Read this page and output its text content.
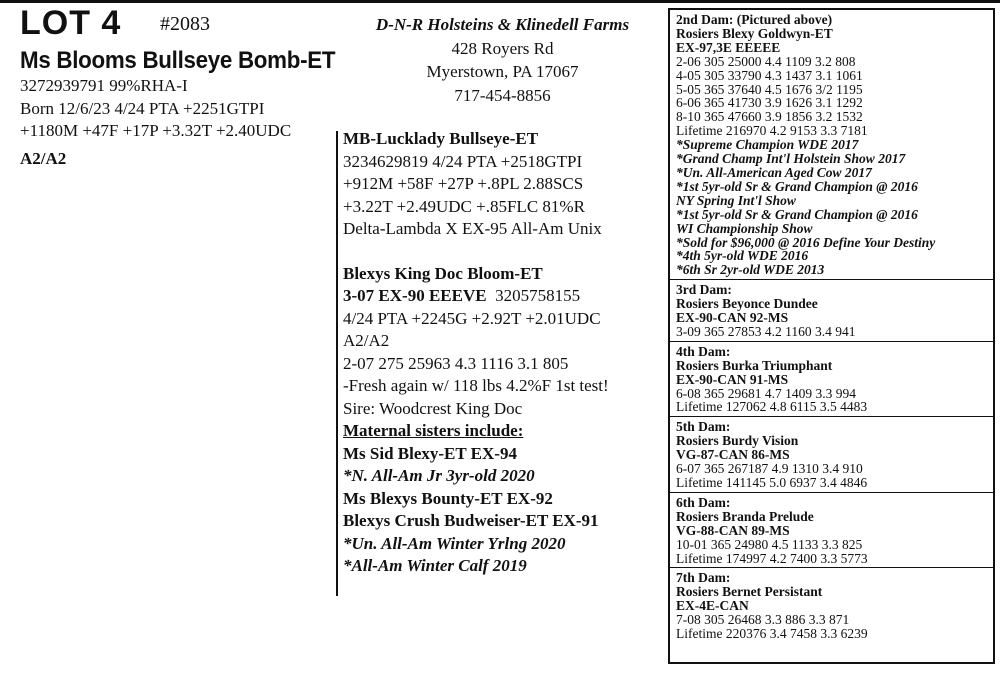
LOT 4 #2083
Ms Blooms Bullseye Bomb-ET
3272939791 99%RHA-I
Born 12/6/23 4/24 PTA +2251GTPI
+1180M +47F +17P +3.32T +2.40UDC
A2/A2
D-N-R Holsteins & Klinedell Farms
428 Royers Rd
Myerstown, PA 17067
717-454-8856
MB-Lucklady Bullseye-ET
3234629819 4/24 PTA +2518GTPI
+912M +58F +27P +.8PL 2.88SCS
+3.22T +2.49UDC +.85FLC 81%R
Delta-Lambda X EX-95 All-Am Unix
Blexys King Doc Bloom-ET
3-07 EX-90 EEEVE 3205758155
4/24 PTA +2245G +2.92T +2.01UDC
A2/A2
2-07 275 25963 4.3 1116 3.1 805
-Fresh again w/ 118 lbs 4.2%F 1st test!
Sire: Woodcrest King Doc
Maternal sisters include:
Ms Sid Blexy-ET EX-94
*N. All-Am Jr 3yr-old 2020
Ms Blexys Bounty-ET EX-92
Blexys Crush Budweiser-ET EX-91
*Un. All-Am Winter Yrlng 2020
*All-Am Winter Calf 2019
2nd Dam: (Pictured above)
Rosiers Blexy Goldwyn-ET
EX-97,3E EEEEE
2-06 305 25000 4.4 1109 3.2 808
4-05 305 33790 4.3 1437 3.1 1061
5-05 365 37640 4.5 1676 3/2 1195
6-06 365 41730 3.9 1626 3.1 1292
8-10 365 47660 3.9 1856 3.2 1532
Lifetime 216970 4.2 9153 3.3 7181
*Supreme Champion WDE 2017
*Grand Champ Int'l Holstein Show 2017
*Un. All-American Aged Cow 2017
*1st 5yr-old Sr & Grand Champion @ 2016
NY Spring Int'l Show
*1st 5yr-old Sr & Grand Champion @ 2016
WI Championship Show
*Sold for $96,000 @ 2016 Define Your Destiny
*4th 5yr-old WDE 2016
*6th Sr 2yr-old WDE 2013
3rd Dam:
Rosiers Beyonce Dundee
EX-90-CAN 92-MS
3-09 365 27853 4.2 1160 3.4 941
4th Dam:
Rosiers Burka Triumphant
EX-90-CAN 91-MS
6-08 365 29681 4.7 1409 3.3 994
Lifetime 127062 4.8 6115 3.5 4483
5th Dam:
Rosiers Burdy Vision
VG-87-CAN 86-MS
6-07 365 267187 4.9 1310 3.4 910
Lifetime 141145 5.0 6937 3.4 4846
6th Dam:
Rosiers Branda Prelude
VG-88-CAN 89-MS
10-01 365 24980 4.5 1133 3.3 825
Lifetime 174997 4.2 7400 3.3 5773
7th Dam:
Rosiers Bernet Persistant
EX-4E-CAN
7-08 305 26468 3.3 886 3.3 871
Lifetime 220376 3.4 7458 3.3 6239
